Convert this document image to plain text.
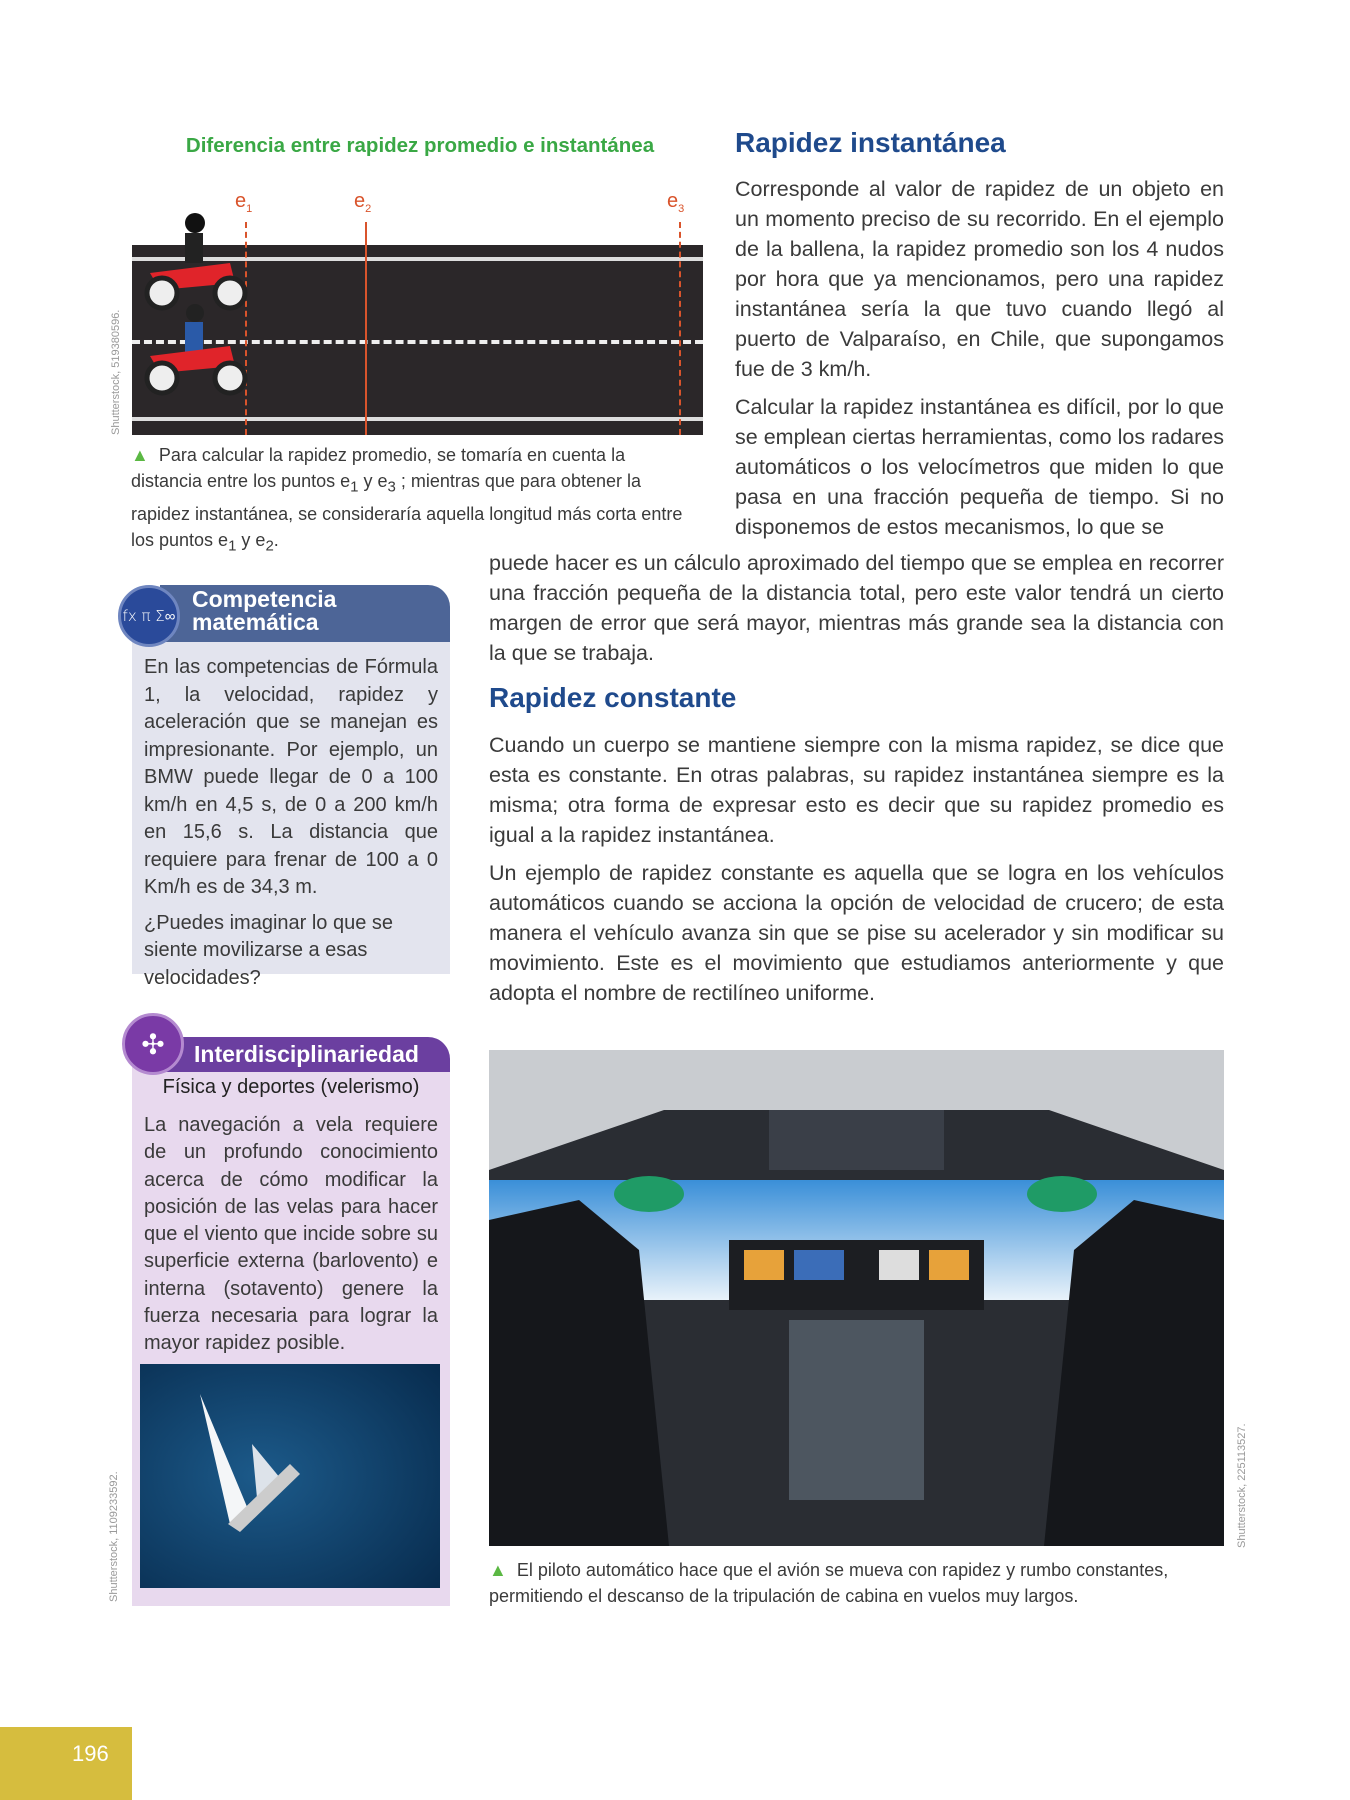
Diferencia entre rapidez promedio e instantánea
$e_1$	$e_2$	$e_3$
Shutterstock, 519380596.
▲ Para calcular la rapidez promedio, se tomaría en cuenta la distancia entre los puntos $e_1$ y $e_3$ ; mientras que para obtener la rapidez instantánea, se consideraría aquella longitud más corta entre los puntos $e_1$ y $e_2$.
Rapidez instantánea

Corresponde al valor de rapidez de un objeto en un momento preciso de su recorrido. En el ejemplo de la ballena, la rapidez promedio son los 4 nudos por hora que ya mencionamos, pero una rapidez instantánea sería la que tuvo cuando llegó al puerto de Valparaíso, en Chile, que supongamos fue de 3 km/h.

Calcular la rapidez instantánea es difícil, por lo que se emplean ciertas herramientas, como los radares automáticos o los velocímetros que miden lo que pasa en una fracción pequeña de tiempo. Si no disponemos de estos mecanismos, lo que se

puede hacer es un cálculo aproximado del tiempo que se emplea en recorrer una fracción pequeña de la distancia total, pero este valor tendrá un cierto margen de error que será mayor, mientras más grande sea la distancia con la que se trabaja.
Rapidez constante

Cuando un cuerpo se mantiene siempre con la misma rapidez, se dice que esta es constante. En otras palabras, su rapidez instantánea siempre es la misma; otra forma de expresar esto es decir que su rapidez promedio es igual a la rapidez instantánea.

Un ejemplo de rapidez constante es aquella que se logra en los vehículos automáticos cuando se acciona la opción de velocidad de crucero; de esta manera el vehículo avanza sin que se pise su acelerador y sin modificar su movimiento. Este es el movimiento que estudiamos anteriormente y que adopta el nombre de rectilíneo uniforme.

En las competencias de Fórmula 1, la velocidad, rapidez y aceleración que se manejan es impresionante. Por ejemplo, un BMW puede llegar de 0 a 100 km/h en 4,5 s, de 0 a 200 km/h en 15,6 s. La distancia que requiere para frenar de 100 a 0 Km/h es de 34,3 m.

¿Puedes imaginar lo que se siente movilizarse a esas velocidades?

Competencia
matemática
fx π Σ∞
Física y deportes (velerismo)
La navegación a vela requiere de un profundo conocimiento acerca de cómo modificar la posición de las velas para hacer que el viento que incide sobre su superficie externa (barlovento) e interna (sotavento) genere la fuerza necesaria para lograr la mayor rapidez posible.
Interdisciplinariedad
✣
Shutterstock, 1109233592.	Shutterstock, 225113527.
▲ El piloto automático hace que el avión se mueva con rapidez y rumbo constantes, permitiendo el descanso de la tripulación de cabina en vuelos muy largos.
196
